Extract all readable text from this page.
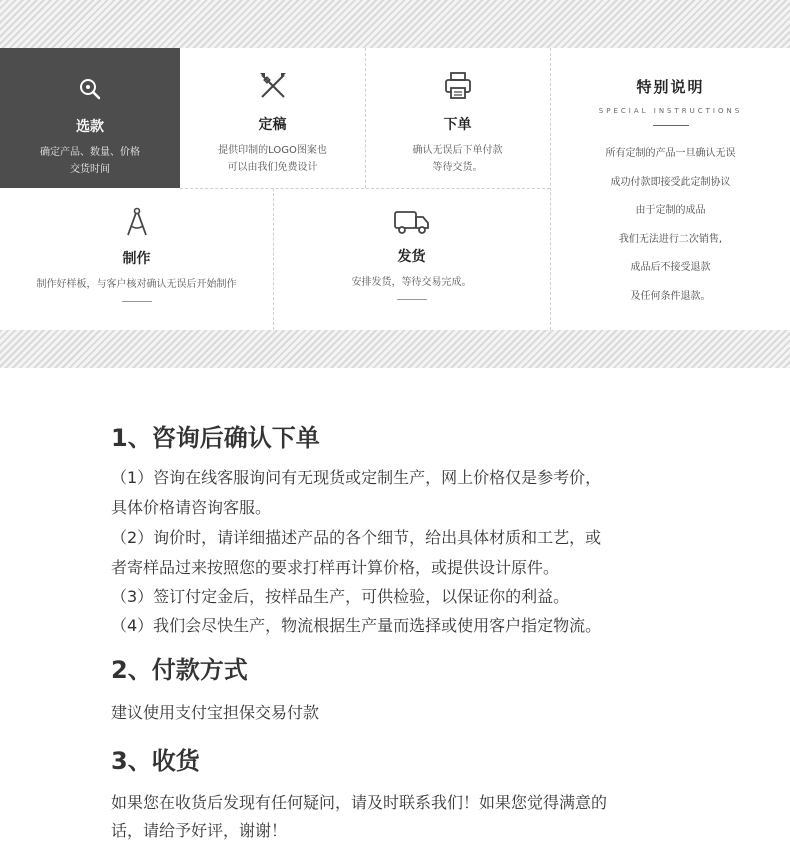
选款
确定产品、数量、价格
交货时间
定稿
提供印制的LOGO图案也
可以由我们免费设计
下单
确认无误后下单付款
等待交货。
制作
制作好样板，与客户核对确认无误后开始制作
发货
安排发货，等待交易完成。
特别说明
SPECIAL INSTRUCTIONS
所有定制的产品一旦确认无误
成功付款即接受此定制协议
由于定制的成品
我们无法进行二次销售,
成品后不接受退款
及任何条件退款。
1、咨询后确认下单
（1）咨询在线客服询问有无现货或定制生产，网上价格仅是参考价，
具体价格请咨询客服。
（2）询价时，请详细描述产品的各个细节，给出具体材质和工艺，或
者寄样品过来按照您的要求打样再计算价格，或提供设计原件。
（3）签订付定金后，按样品生产，可供检验，以保证你的利益。
（4）我们会尽快生产，物流根据生产量而选择或使用客户指定物流。
2、付款方式
建议使用支付宝担保交易付款
3、收货
如果您在收货后发现有任何疑问，请及时联系我们！如果您觉得满意的
话，请给予好评，谢谢！
